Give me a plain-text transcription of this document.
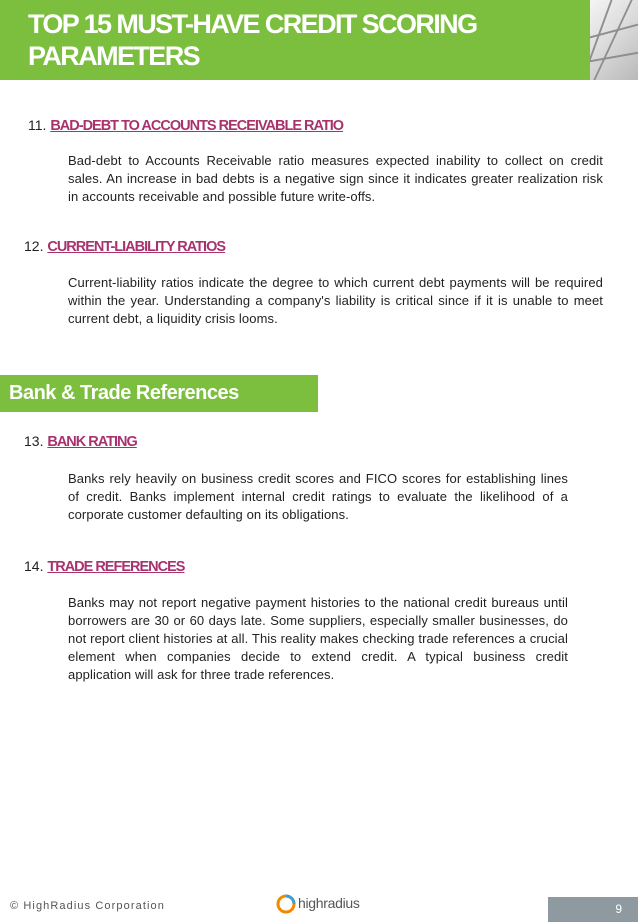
TOP 15 MUST-HAVE CREDIT SCORING PARAMETERS
11. BAD-DEBT TO ACCOUNTS RECEIVABLE RATIO

Bad-debt to Accounts Receivable ratio measures expected inability to collect on credit sales. An increase in bad debts is a negative sign since it indicates greater realization risk in accounts receivable and possible future write-offs.

12. CURRENT-LIABILITY RATIOS

Current-liability ratios indicate the degree to which current debt payments will be required within the year. Understanding a company's liability is critical since if it is unable to meet current debt, a liquidity crisis looms.

Bank & Trade References
13. BANK RATING

Banks rely heavily on business credit scores and FICO scores for establishing lines of credit. Banks implement internal credit ratings to evaluate the likelihood of a corporate customer defaulting on its obligations.

14. TRADE REFERENCES

Banks may not report negative payment histories to the national credit bureaus until borrowers are 30 or 60 days late. Some suppliers, especially smaller businesses, do not report client histories at all. This reality makes checking trade references a crucial element when companies decide to extend credit. A typical business credit application will ask for three trade references.

© HighRadius Corporation	highradius	9
